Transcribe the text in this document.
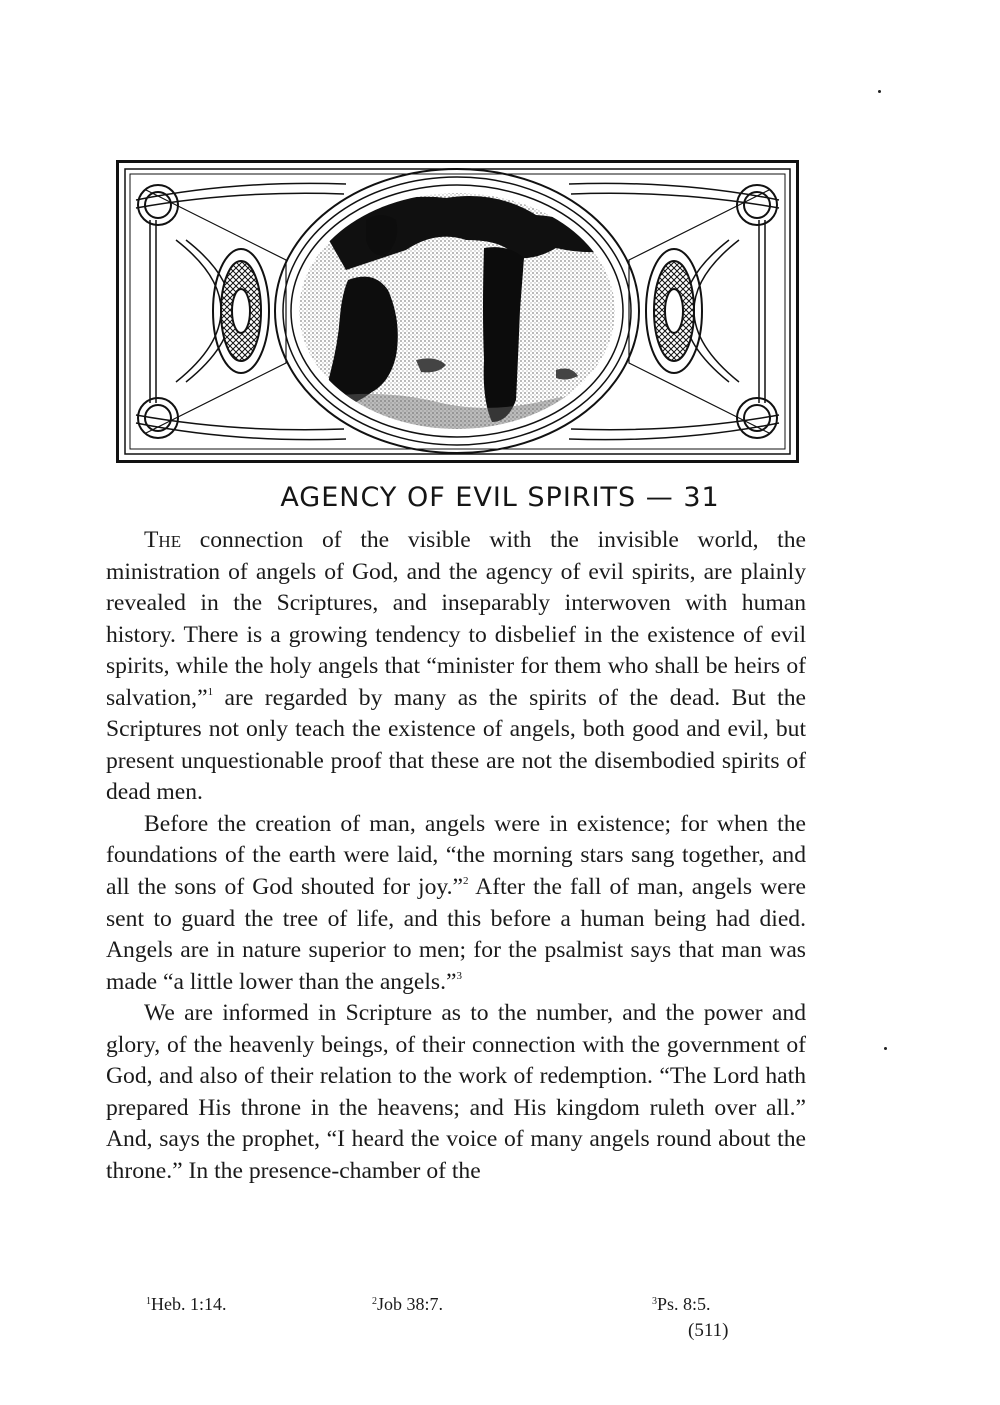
AGENCY OF EVIL SPIRITS — 31

The connection of the visible with the invisible world, the ministration of angels of God, and the agency of evil spirits, are plainly revealed in the Scriptures, and inseparably interwoven with human history. There is a growing tendency to disbelief in the existence of evil spirits, while the holy angels that “minister for them who shall be heirs of salvation,”$^1$ are regarded by many as the spirits of the dead. But the Scriptures not only teach the existence of angels, both good and evil, but present unquestionable proof that these are not the disembodied spirits of dead men.

Before the creation of man, angels were in existence; for when the foundations of the earth were laid, “the morning stars sang together, and all the sons of God shouted for joy.”$^2$ After the fall of man, angels were sent to guard the tree of life, and this before a human being had died. Angels are in nature superior to men; for the psalmist says that man was made “a little lower than the angels.”$^3$

We are informed in Scripture as to the number, and the power and glory, of the heavenly beings, of their connection with the government of God, and also of their relation to the work of redemption. “The Lord hath prepared His throne in the heavens; and His kingdom ruleth over all.” And, says the prophet, “I heard the voice of many angels round about the throne.” In the presence-chamber of the

$^1$Heb. 1:14.	$^2$Job 38:7.	$^3$Ps. 8:5.
(511)
